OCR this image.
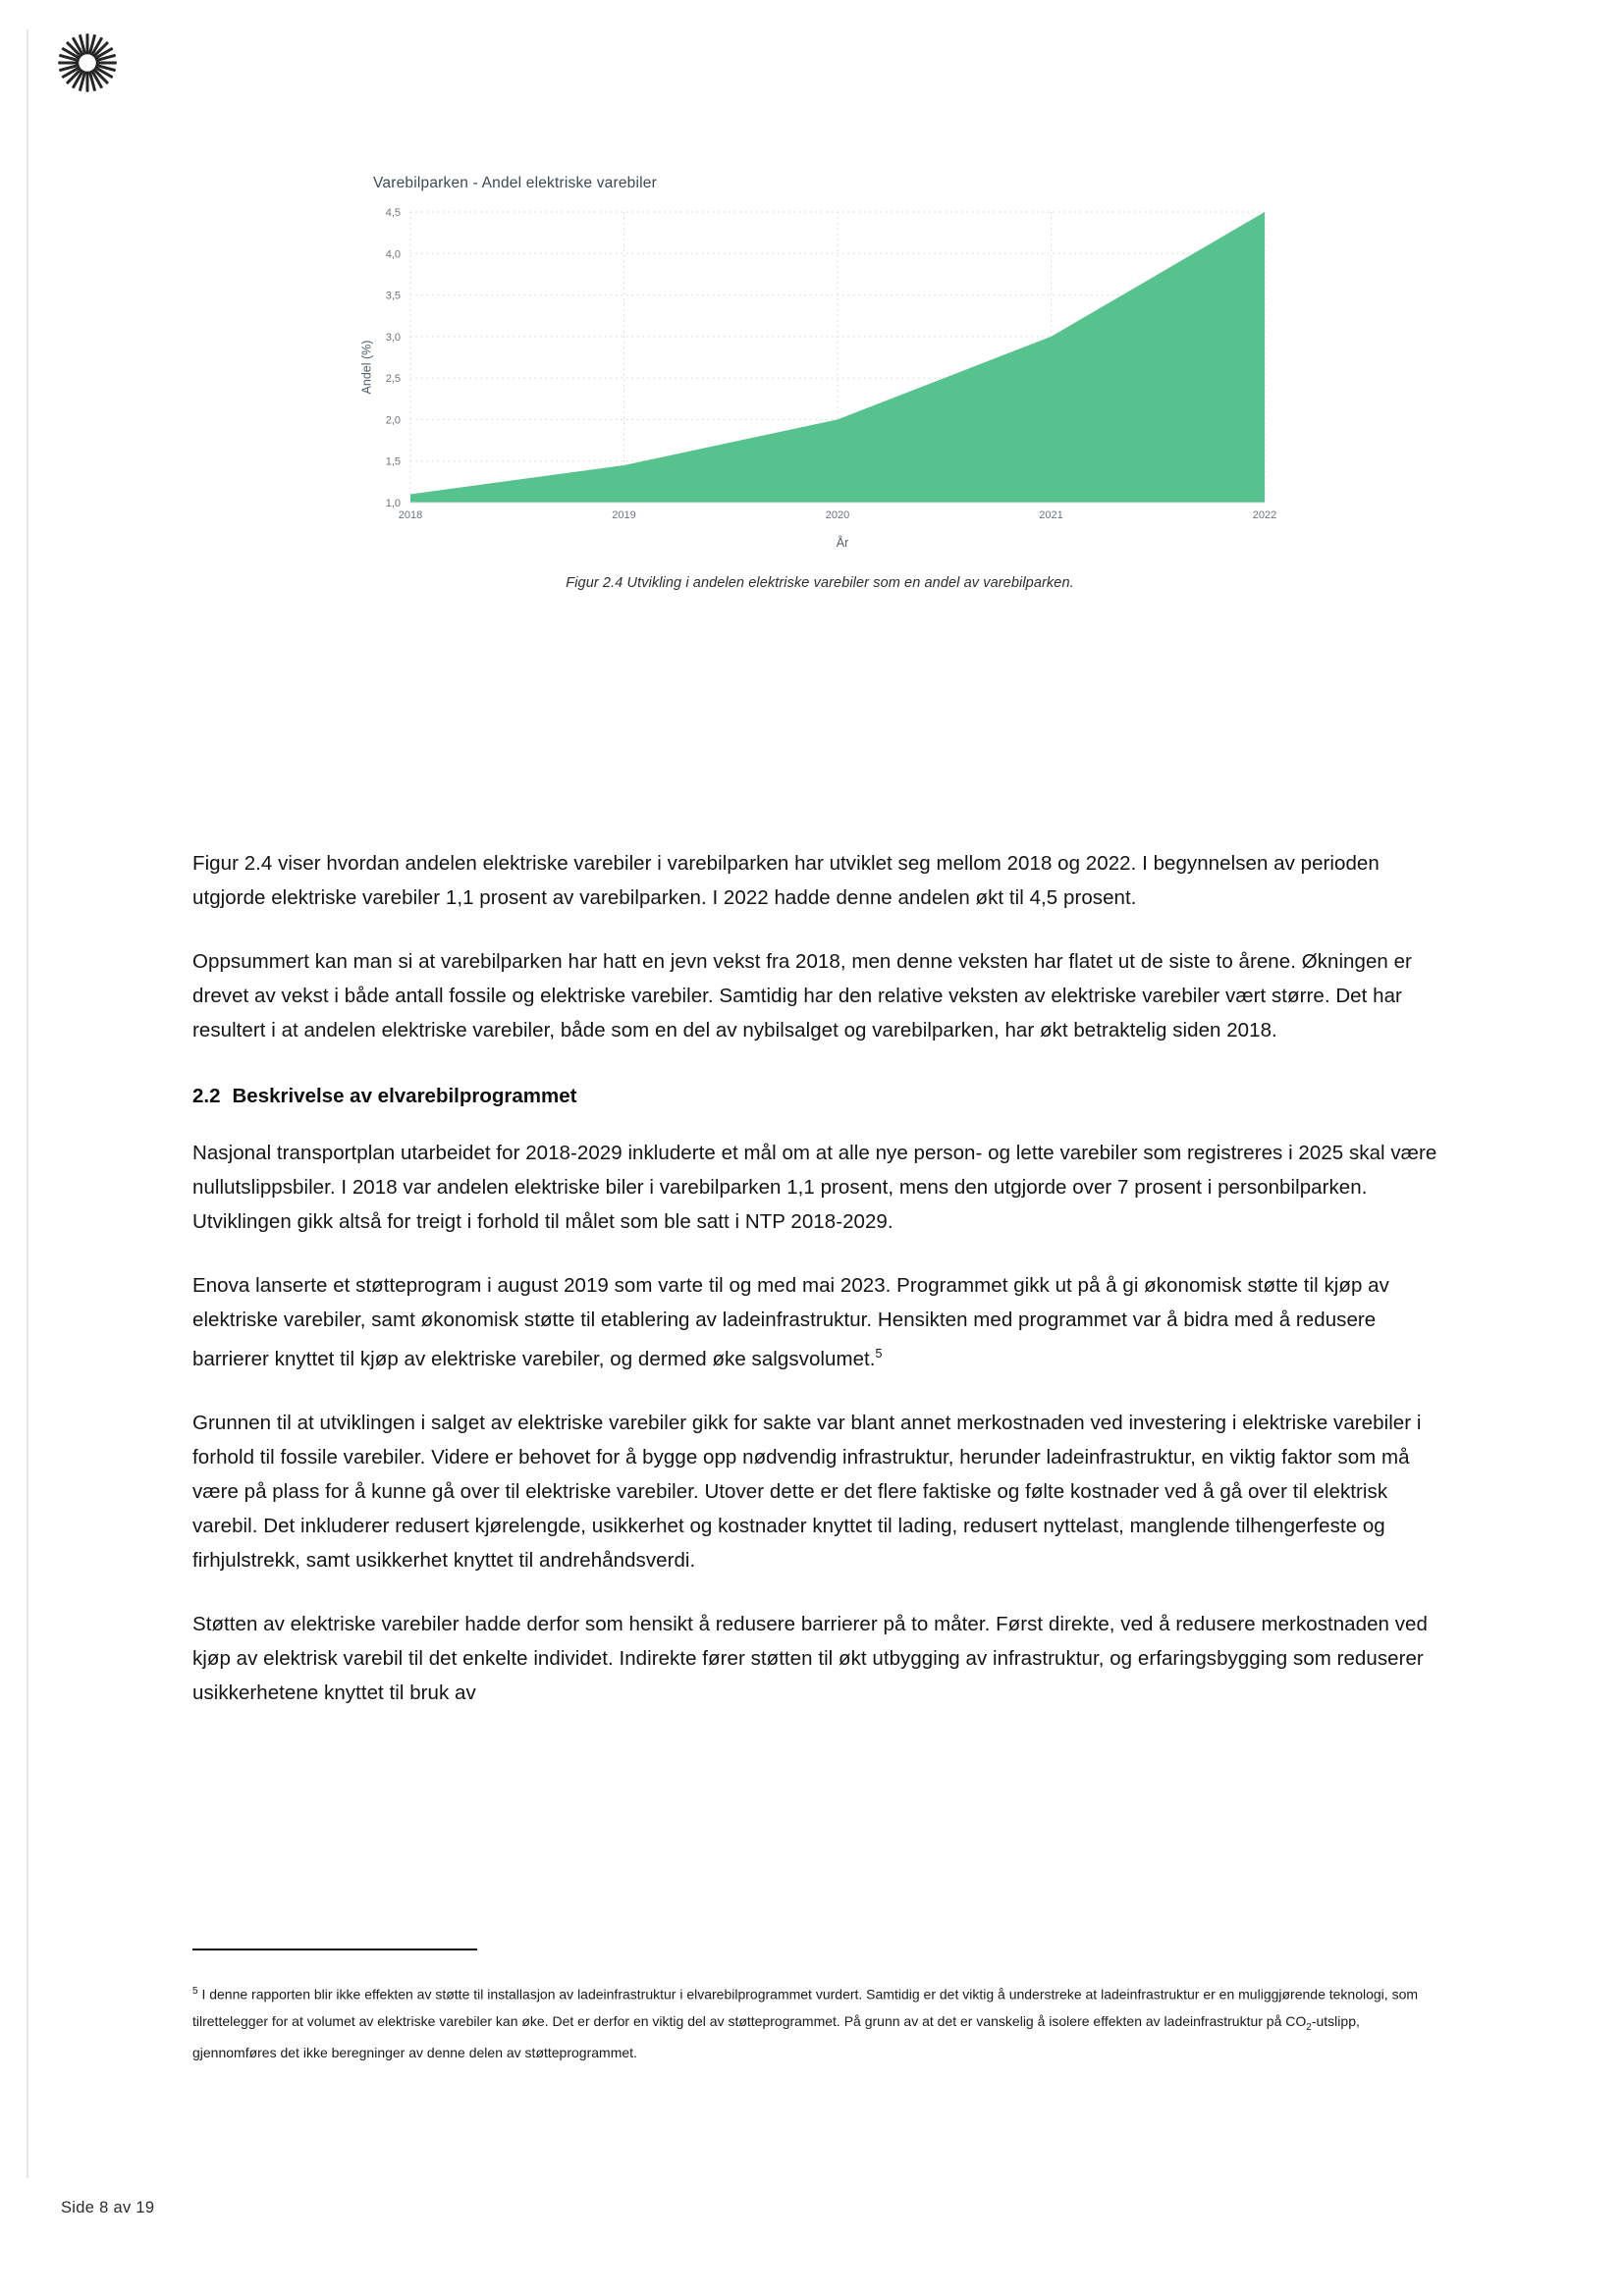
Varebilparken - Andel elektriske varebiler
Andel (%)
1,0
1,5
2,0
2,5
3,0
3,5
4,0
4,5
2018	2019	2020	2021	2022
År
Figur 2.4 Utvikling i andelen elektriske varebiler som en andel av varebilparken.

Figur 2.4 viser hvordan andelen elektriske varebiler i varebilparken har utviklet seg mellom 2018 og 2022. I begynnelsen av perioden utgjorde elektriske varebiler 1,1 prosent av varebilparken. I 2022 hadde denne andelen økt til 4,5 prosent.

Oppsummert kan man si at varebilparken har hatt en jevn vekst fra 2018, men denne veksten har flatet ut de siste to årene. Økningen er drevet av vekst i både antall fossile og elektriske varebiler. Samtidig har den relative veksten av elektriske varebiler vært større. Det har resultert i at andelen elektriske varebiler, både som en del av nybilsalget og varebilparken, har økt betraktelig siden 2018.

2.2 Beskrivelse av elvarebilprogrammet

Nasjonal transportplan utarbeidet for 2018-2029 inkluderte et mål om at alle nye person- og lette varebiler som registreres i 2025 skal være nullutslippsbiler. I 2018 var andelen elektriske biler i varebilparken 1,1 prosent, mens den utgjorde over 7 prosent i personbilparken. Utviklingen gikk altså for treigt i forhold til målet som ble satt i NTP 2018-2029.

Enova lanserte et støtteprogram i august 2019 som varte til og med mai 2023. Programmet gikk ut på å gi økonomisk støtte til kjøp av elektriske varebiler, samt økonomisk støtte til etablering av ladeinfrastruktur. Hensikten med programmet var å bidra med å redusere barrierer knyttet til kjøp av elektriske varebiler, og dermed øke salgsvolumet.$^5$

Grunnen til at utviklingen i salget av elektriske varebiler gikk for sakte var blant annet merkostnaden ved investering i elektriske varebiler i forhold til fossile varebiler. Videre er behovet for å bygge opp nødvendig infrastruktur, herunder ladeinfrastruktur, en viktig faktor som må være på plass for å kunne gå over til elektriske varebiler. Utover dette er det flere faktiske og følte kostnader ved å gå over til elektrisk varebil. Det inkluderer redusert kjørelengde, usikkerhet og kostnader knyttet til lading, redusert nyttelast, manglende tilhengerfeste og firhjulstrekk, samt usikkerhet knyttet til andrehåndsverdi.

Støtten av elektriske varebiler hadde derfor som hensikt å redusere barrierer på to måter. Først direkte, ved å redusere merkostnaden ved kjøp av elektrisk varebil til det enkelte individet. Indirekte fører støtten til økt utbygging av infrastruktur, og erfaringsbygging som reduserer usikkerhetene knyttet til bruk av

$^5$ I denne rapporten blir ikke effekten av støtte til installasjon av ladeinfrastruktur i elvarebilprogrammet vurdert. Samtidig er det viktig å understreke at ladeinfrastruktur er en muliggjørende teknologi, som tilrettelegger for at volumet av elektriske varebiler kan øke. Det er derfor en viktig del av støtteprogrammet. På grunn av at det er vanskelig å isolere effekten av ladeinfrastruktur på $CO_2$-utslipp, gjennomføres det ikke beregninger av denne delen av støtteprogrammet.

Side 8 av 19
